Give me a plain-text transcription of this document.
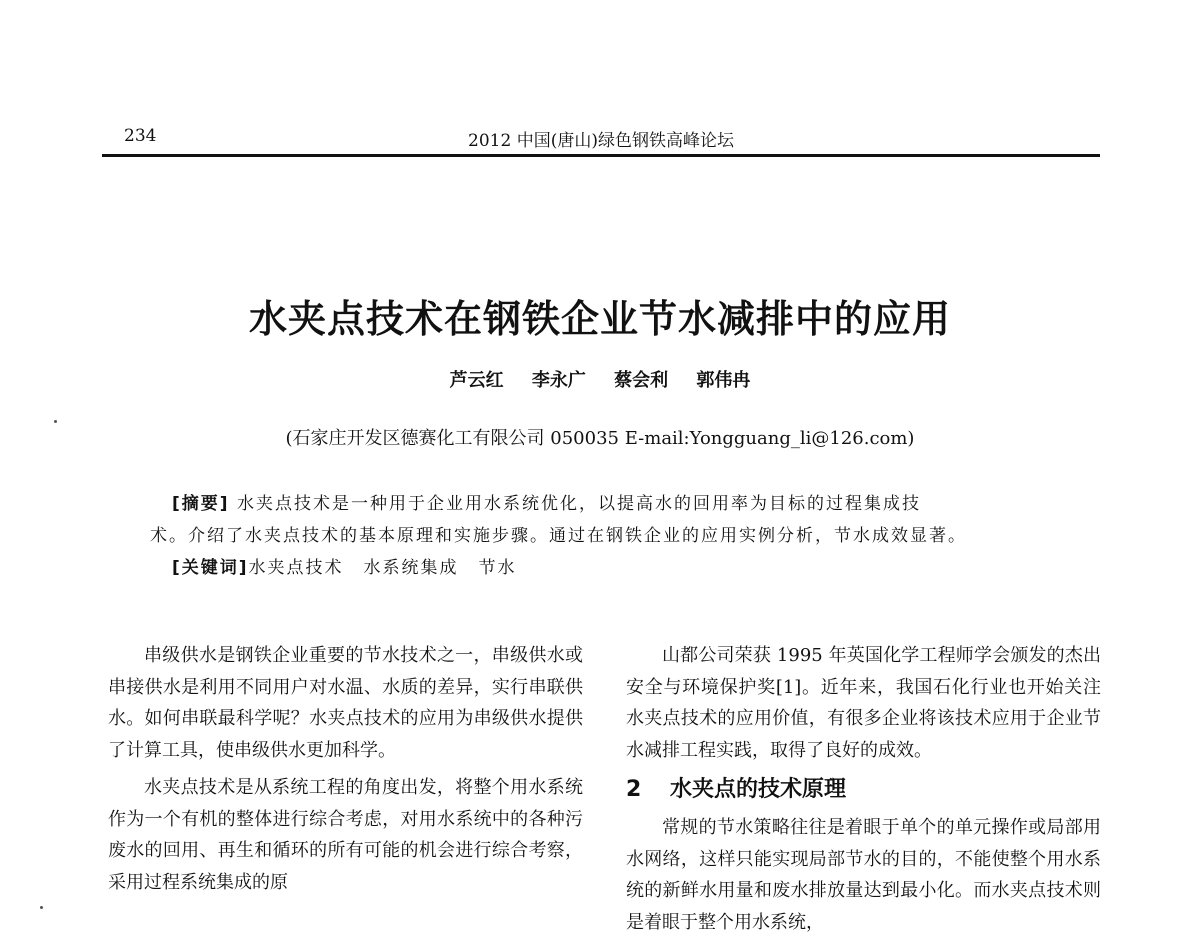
234	2012 中国(唐山)绿色钢铁高峰论坛
水夹点技术在钢铁企业节水减排中的应用
芦云红 李永广 蔡会利 郭伟冉
(石家庄开发区德赛化工有限公司 050035 E-mail:Yongguang_li@126.com)
[摘要] 水夹点技术是一种用于企业用水系统优化，以提高水的回用率为目标的过程集成技
术。介绍了水夹点技术的基本原理和实施步骤。通过在钢铁企业的应用实例分析，节水成效显著。
[关键词]水夹点技术 水系统集成 节水

串级供水是钢铁企业重要的节水技术之一，串级供水或串接供水是利用不同用户对水温、水质的差异，实行串联供水。如何串联最科学呢？水夹点技术的应用为串级供水提供了计算工具，使串级供水更加科学。

水夹点技术是从系统工程的角度出发，将整个用水系统作为一个有机的整体进行综合考虑，对用水系统中的各种污废水的回用、再生和循环的所有可能的机会进行综合考察，采用过程系统集成的原

山都公司荣获 1995 年英国化学工程师学会颁发的杰出安全与环境保护奖[1]。近年来，我国石化行业也开始关注水夹点技术的应用价值，有很多企业将该技术应用于企业节水减排工程实践，取得了良好的成效。

2 水夹点的技术原理

常规的节水策略往往是着眼于单个的单元操作或局部用水网络，这样只能实现局部节水的目的，不能使整个用水系统的新鲜水用量和废水排放量达到最小化。而水夹点技术则是着眼于整个用水系统，
